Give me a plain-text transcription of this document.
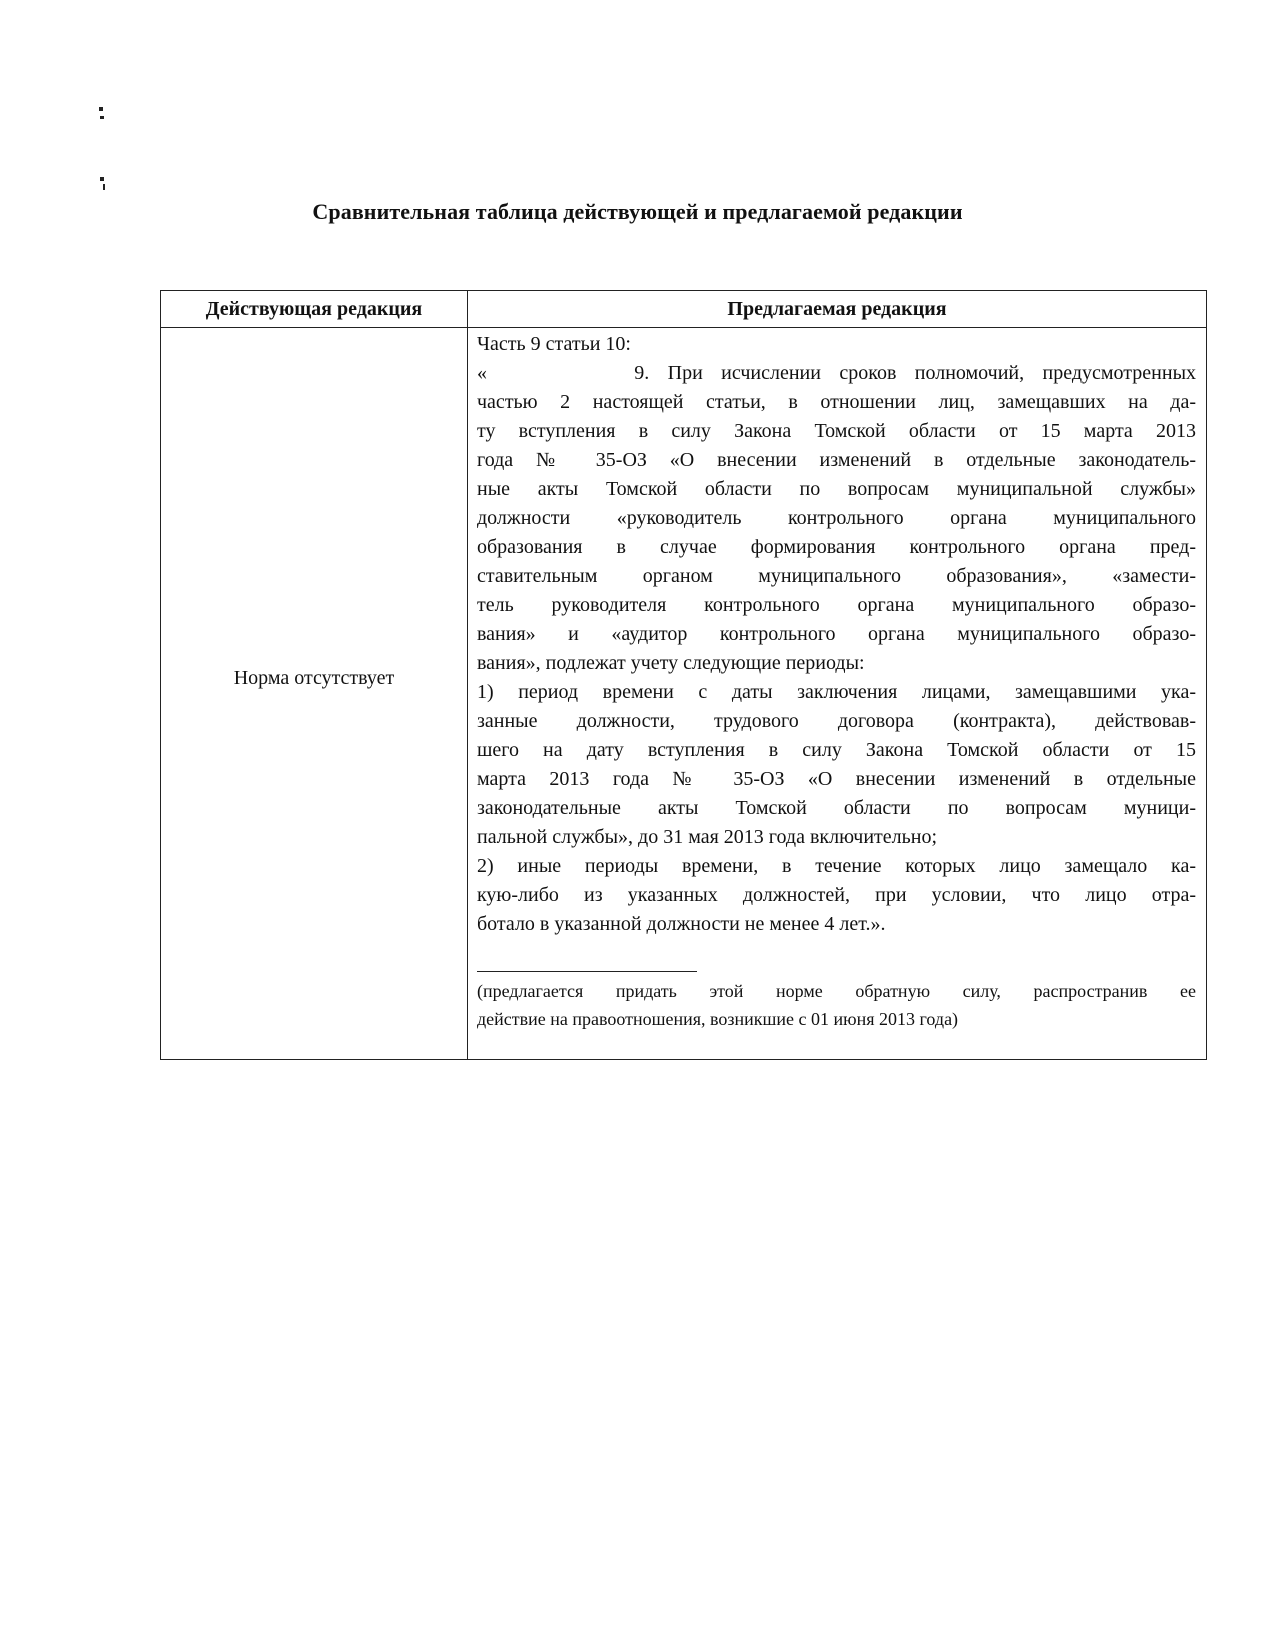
Сравнительная таблица действующей и предлагаемой редакции
Действующая редакция	Предлагаемая редакция
Норма отсутствует
Часть 9 статьи 10:
«        9. При исчислении сроков полномочий, предусмотренных
частью 2 настоящей статьи, в отношении лиц, замещавших на да-
ту вступления в силу Закона Томской области от 15 марта 2013
года № 35-ОЗ «О внесении изменений в отдельные законодатель-
ные акты Томской области по вопросам муниципальной службы»
должности «руководитель контрольного органа муниципального
образования в случае формирования контрольного органа пред-
ставительным органом муниципального образования», «замести-
тель руководителя контрольного органа муниципального образо-
вания» и «аудитор контрольного органа муниципального образо-
вания», подлежат учету следующие периоды:
1) период времени с даты заключения лицами, замещавшими ука-
занные должности, трудового договора (контракта), действовав-
шего на дату вступления в силу Закона Томской области от 15
марта 2013 года № 35-ОЗ «О внесении изменений в отдельные
законодательные акты Томской области по вопросам муници-
пальной службы», до 31 мая 2013 года включительно;
2) иные периоды времени, в течение которых лицо замещало ка-
кую-либо из указанных должностей, при условии, что лицо отра-
ботало в указанной должности не менее 4 лет.».
(предлагается придать этой норме обратную силу, распространив ее
действие на правоотношения, возникшие с 01 июня 2013 года)
